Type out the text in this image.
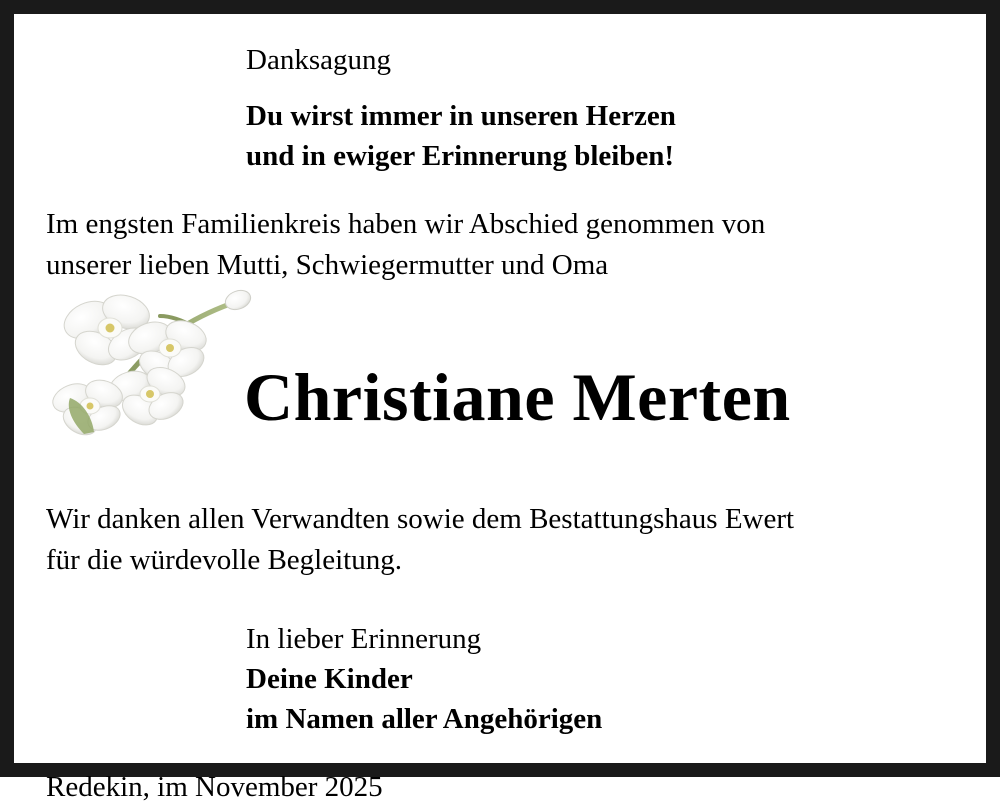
Danksagung
Du wirst immer in unseren Herzen
und in ewiger Erinnerung bleiben!
Im engsten Familienkreis haben wir Abschied genommen von
unserer lieben Mutti, Schwiegermutter und Oma
Christiane Merten
Wir danken allen Verwandten sowie dem Bestattungshaus Ewert
für die würdevolle Begleitung.
In lieber Erinnerung
Deine Kinder
im Namen aller Angehörigen
Redekin, im November 2025
